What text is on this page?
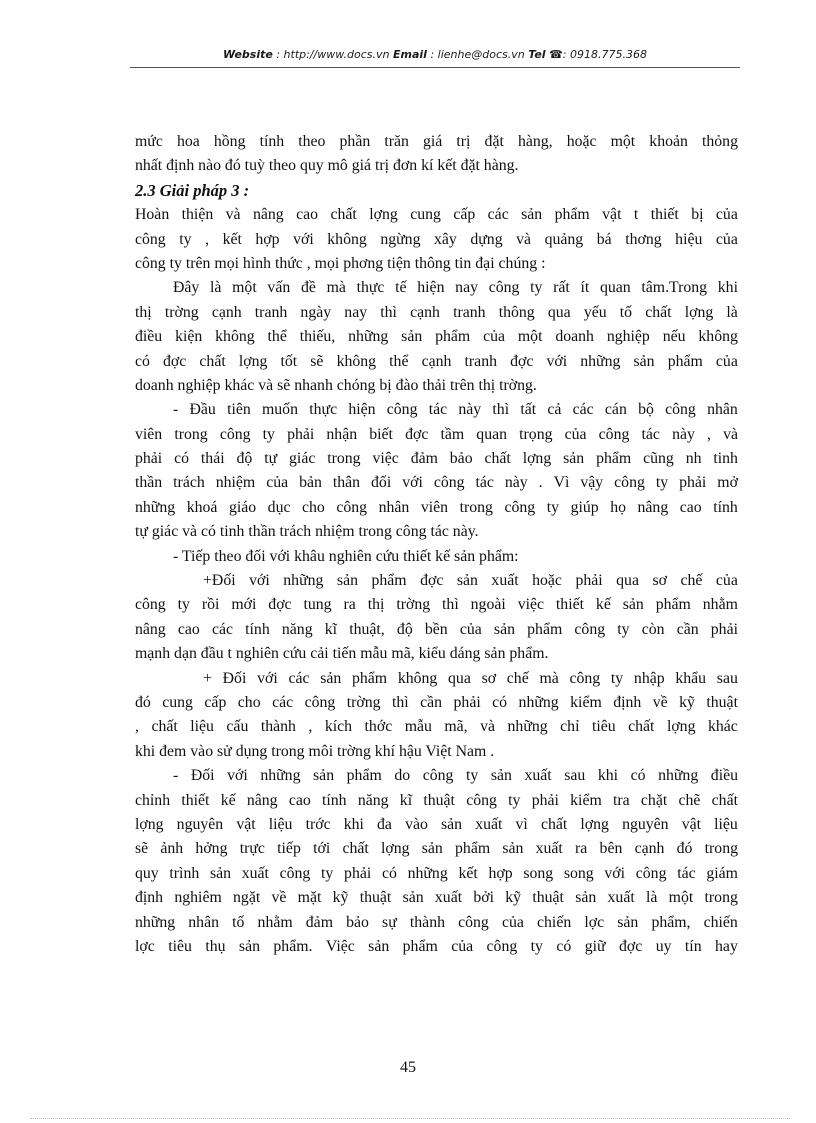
Website : http://www.docs.vn Email : lienhe@docs.vn Tel ☎: 0918.775.368
mức hoa hồng tính theo phần trăn giá trị đặt hàng, hoặc một khoản thỏng
nhất định nào đó tuỳ theo quy mô giá trị đơn kí kết đặt hàng.
2.3 Giải pháp 3 :
Hoàn thiện và nâng cao chất lợng cung cấp các sản phẩm vật t thiết bị của
công ty , kết hợp với không ngừng xây dựng và quảng bá thơng hiệu của
công ty trên mọi hình thức , mọi phơng tiện thông tin đại chúng :
Đây là một vấn đề mà thực tế hiện nay công ty rất ít quan tâm.Trong khi
thị trờng cạnh tranh ngày nay thì cạnh tranh thông qua yếu tố chất lợng là
điều kiện không thể thiếu, những sản phẩm của một doanh nghiệp nếu không
có đợc chất lợng tốt sẽ không thể cạnh tranh đợc với những sản phẩm của
doanh nghiệp khác và sẽ nhanh chóng bị đào thải trên thị trờng.
- Đầu tiên muốn thực hiện công tác này thì tất cả các cán bộ công nhân
viên trong công ty phải nhận biết đợc tầm quan trọng của công tác này , và
phải có thái độ tự giác trong việc đảm bảo chất lợng sản phẩm cũng nh tinh
thần trách nhiệm của bản thân đối với công tác này . Vì vậy công ty phải mở
những khoá giáo dục cho công nhân viên trong công ty giúp họ nâng cao tính
tự giác và có tinh thần trách nhiệm trong công tác này.
- Tiếp theo đối với khâu nghiên cứu thiết kế sản phẩm:
+Đối với những sản phẩm đợc sản xuất hoặc phải qua sơ chế của
công ty rồi mới đợc tung ra thị trờng thì ngoài việc thiết kế sản phẩm nhằm
nâng cao các tính năng kĩ thuật, độ bền của sản phẩm công ty còn cần phải
mạnh dạn đầu t nghiên cứu cải tiến mẫu mã, kiểu dáng sản phẩm.
+ Đối với các sản phẩm không qua sơ chế mà công ty nhập khẩu sau
đó cung cấp cho các công trờng thì cần phải có những kiểm định về kỹ thuật
, chất liệu cấu thành , kích thớc mẫu mã, và những chỉ tiêu chất lợng khác
khi đem vào sử dụng trong môi trờng khí hậu Việt Nam .
- Đối với những sản phẩm do công ty sản xuất sau khi có những điều
chỉnh thiết kế nâng cao tính năng kĩ thuật công ty phải kiểm tra chặt chẽ chất
lợng nguyên vật liệu trớc khi đa vào sản xuất vì chất lợng nguyên vật liệu
sẽ ảnh hởng trực tiếp tới chất lợng sản phẩm sản xuất ra bên cạnh đó trong
quy trình sản xuất công ty phải có những kết hợp song song với công tác giám
định nghiêm ngặt về mặt kỹ thuật sản xuất bởi kỹ thuật sản xuất là một trong
những nhân tố nhằm đảm bảo sự thành công của chiến lợc sản phẩm, chiến
lợc tiêu thụ sản phẩm. Việc sản phẩm của công ty có giữ đợc uy tín hay
45
